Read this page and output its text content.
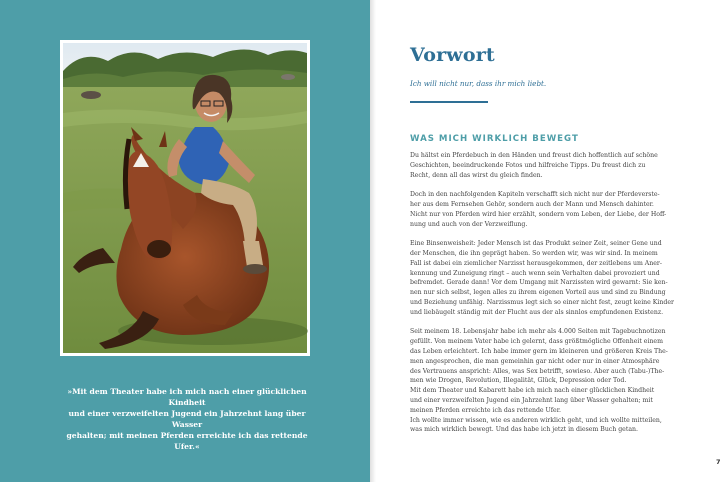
»Mit dem Theater habe ich mich nach einer glücklichen Kindheit
und einer verzweifelten Jugend ein Jahrzehnt lang über Wasser
gehalten; mit meinen Pferden erreichte ich das rettende Ufer.«
Vorwort
Ich will nicht nur, dass ihr mich liebt.
WAS MICH WIRKLICH BEWEGT

Du hältst ein Pferdebuch in den Händen und freust dich hoffentlich auf schöne
Geschichten, beeindruckende Fotos und hilfreiche Tipps. Du freust dich zu
Recht, denn all das wirst du gleich finden.

Doch in den nachfolgenden Kapiteln verschafft sich nicht nur der Pferdeverste-
her aus dem Fernsehen Gehör, sondern auch der Mann und Mensch dahinter.
Nicht nur von Pferden wird hier erzählt, sondern vom Leben, der Liebe, der Hoff-
nung und auch von der Verzweiflung.

Eine Binsenweisheit: Jeder Mensch ist das Produkt seiner Zeit, seiner Gene und
der Menschen, die ihn geprägt haben. So werden wir, was wir sind. In meinem
Fall ist dabei ein ziemlicher Narzisst herausgekommen, der zeitlebens um Aner-
kennung und Zuneigung ringt – auch wenn sein Verhalten dabei provoziert und
befremdet. Gerade dann! Vor dem Umgang mit Narzissten wird gewarnt: Sie ken-
nen nur sich selbst, legen alles zu ihrem eigenen Vorteil aus und sind zu Bindung
und Beziehung unfähig. Narzissmus legt sich so einer nicht fest, zeugt keine Kinder
und liebäugelt ständig mit der Flucht aus der als sinnlos empfundenen Existenz.

Seit meinem 18. Lebensjahr habe ich mehr als 4.000 Seiten mit Tagebuchnotizen
gefüllt. Von meinem Vater habe ich gelernt, dass größtmögliche Offenheit einem
das Leben erleichtert. Ich habe immer gern im kleineren und größeren Kreis The-
men angesprochen, die man gemeinhin gar nicht oder nur in einer Atmosphäre
des Vertrauens anspricht: Alles, was Sex betrifft, sowieso. Aber auch (Tabu-)The-
men wie Drogen, Revolution, Illegalität, Glück, Depression oder Tod.
Mit dem Theater und Kabarett habe ich mich nach einer glücklichen Kindheit
und einer verzweifelten Jugend ein Jahrzehnt lang über Wasser gehalten; mit
meinen Pferden erreichte ich das rettende Ufer.
Ich wollte immer wissen, wie es anderen wirklich geht, und ich wollte mitteilen,
was mich wirklich bewegt. Und das habe ich jetzt in diesem Buch getan.

7
